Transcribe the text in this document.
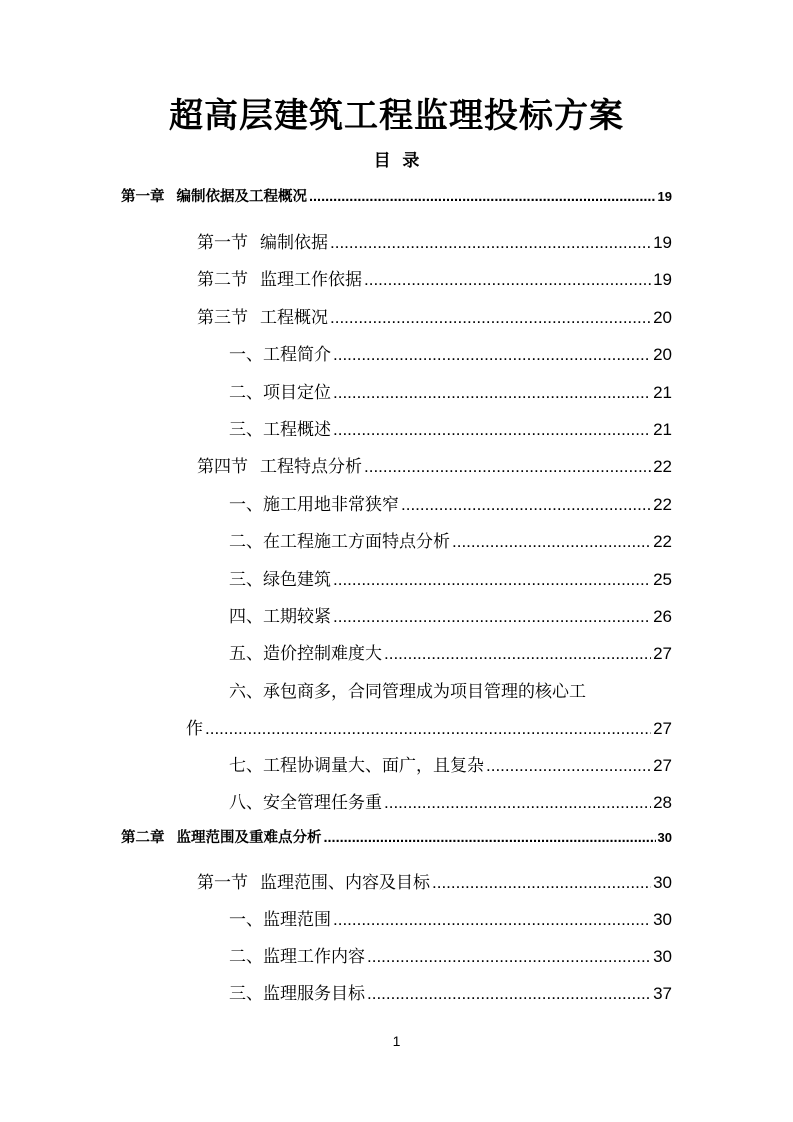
超高层建筑工程监理投标方案
目  录
第一章 编制依据及工程概况 .....	19
第一节 编制依据 .....	19
第二节 监理工作依据 .....	19
第三节 工程概况 .....	20
一、工程简介 .....	20
二、项目定位 .....	21
三、工程概述 .....	21
第四节 工程特点分析 .....	22
一、施工用地非常狭窄 .....	22
二、在工程施工方面特点分析 .....	22
三、绿色建筑 .....	25
四、工期较紧 .....	26
五、造价控制难度大 .....	27
六、承包商多，合同管理成为项目管理的核心工
作 .....	27
七、工程协调量大、面广，且复杂 .....	27
八、安全管理任务重 .....	28
第二章 监理范围及重难点分析 .....	30
第一节 监理范围、内容及目标 .....	30
一、监理范围 .....	30
二、监理工作内容 .....	30
三、监理服务目标 .....	37
1
